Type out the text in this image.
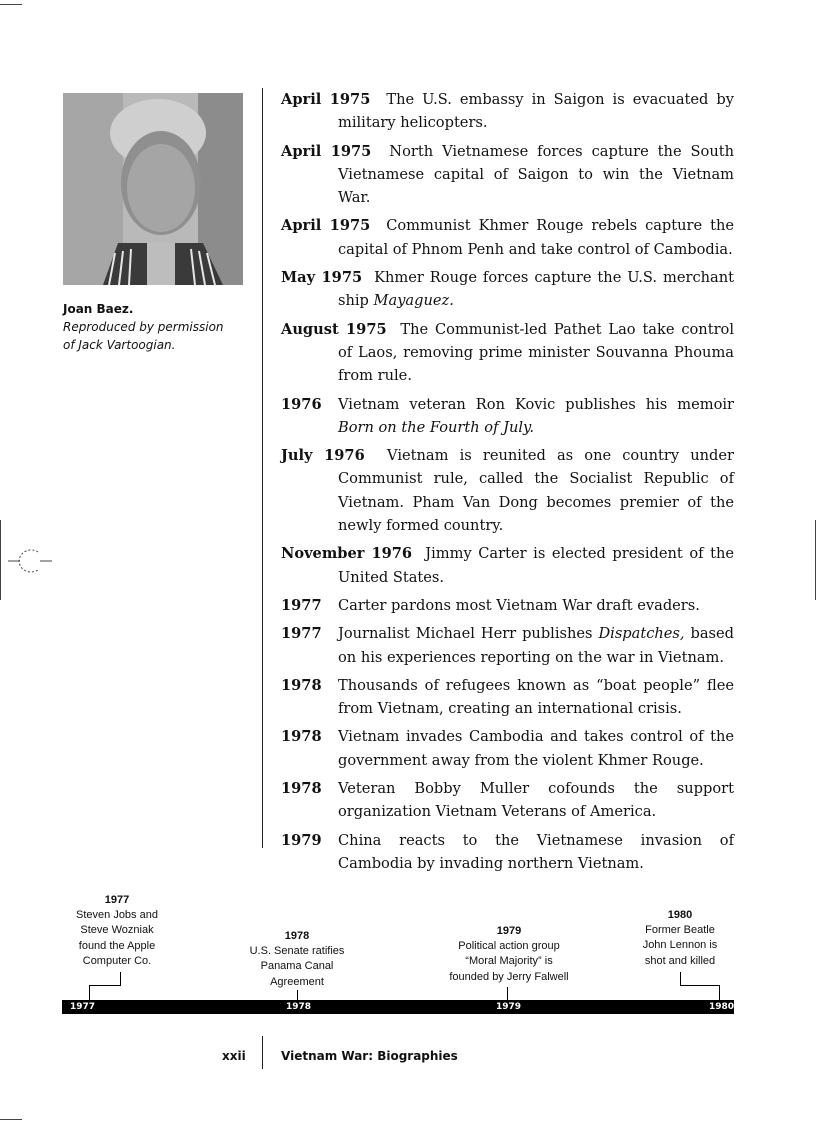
Joan Baez.
Reproduced by permission
of Jack Vartoogian.
April 1975 The U.S. embassy in Saigon is evacuated by military helicopters.
April 1975 North Vietnamese forces capture the South Vietnamese capital of Saigon to win the Vietnam War.
April 1975 Communist Khmer Rouge rebels capture the capital of Phnom Penh and take control of Cambodia.
May 1975 Khmer Rouge forces capture the U.S. merchant ship Mayaguez.
August 1975 The Communist-led Pathet Lao take control of Laos, removing prime minister Souvanna Phouma from rule.
1976 Vietnam veteran Ron Kovic publishes his memoir Born on the Fourth of July.
July 1976 Vietnam is reunited as one country under Communist rule, called the Socialist Republic of Vietnam. Pham Van Dong becomes premier of the newly formed country.
November 1976 Jimmy Carter is elected president of the United States.
1977 Carter pardons most Vietnam War draft evaders.
1977 Journalist Michael Herr publishes Dispatches, based on his experiences reporting on the war in Vietnam.
1978 Thousands of refugees known as “boat people” flee from Vietnam, creating an international crisis.
1978 Vietnam invades Cambodia and takes control of the government away from the violent Khmer Rouge.
1978 Veteran Bobby Muller cofounds the support organization Vietnam Veterans of America.
1979 China reacts to the Vietnamese invasion of Cambodia by invading northern Vietnam.
1977
Steven Jobs and
Steve Wozniak
found the Apple
Computer Co.
1978
U.S. Senate ratifies
Panama Canal
Agreement
1979
Political action group
“Moral Majority” is
founded by Jerry Falwell
1980
Former Beatle
John Lennon is
shot and killed
1977	1978	1979	1980
xxii	Vietnam War: Biographies
